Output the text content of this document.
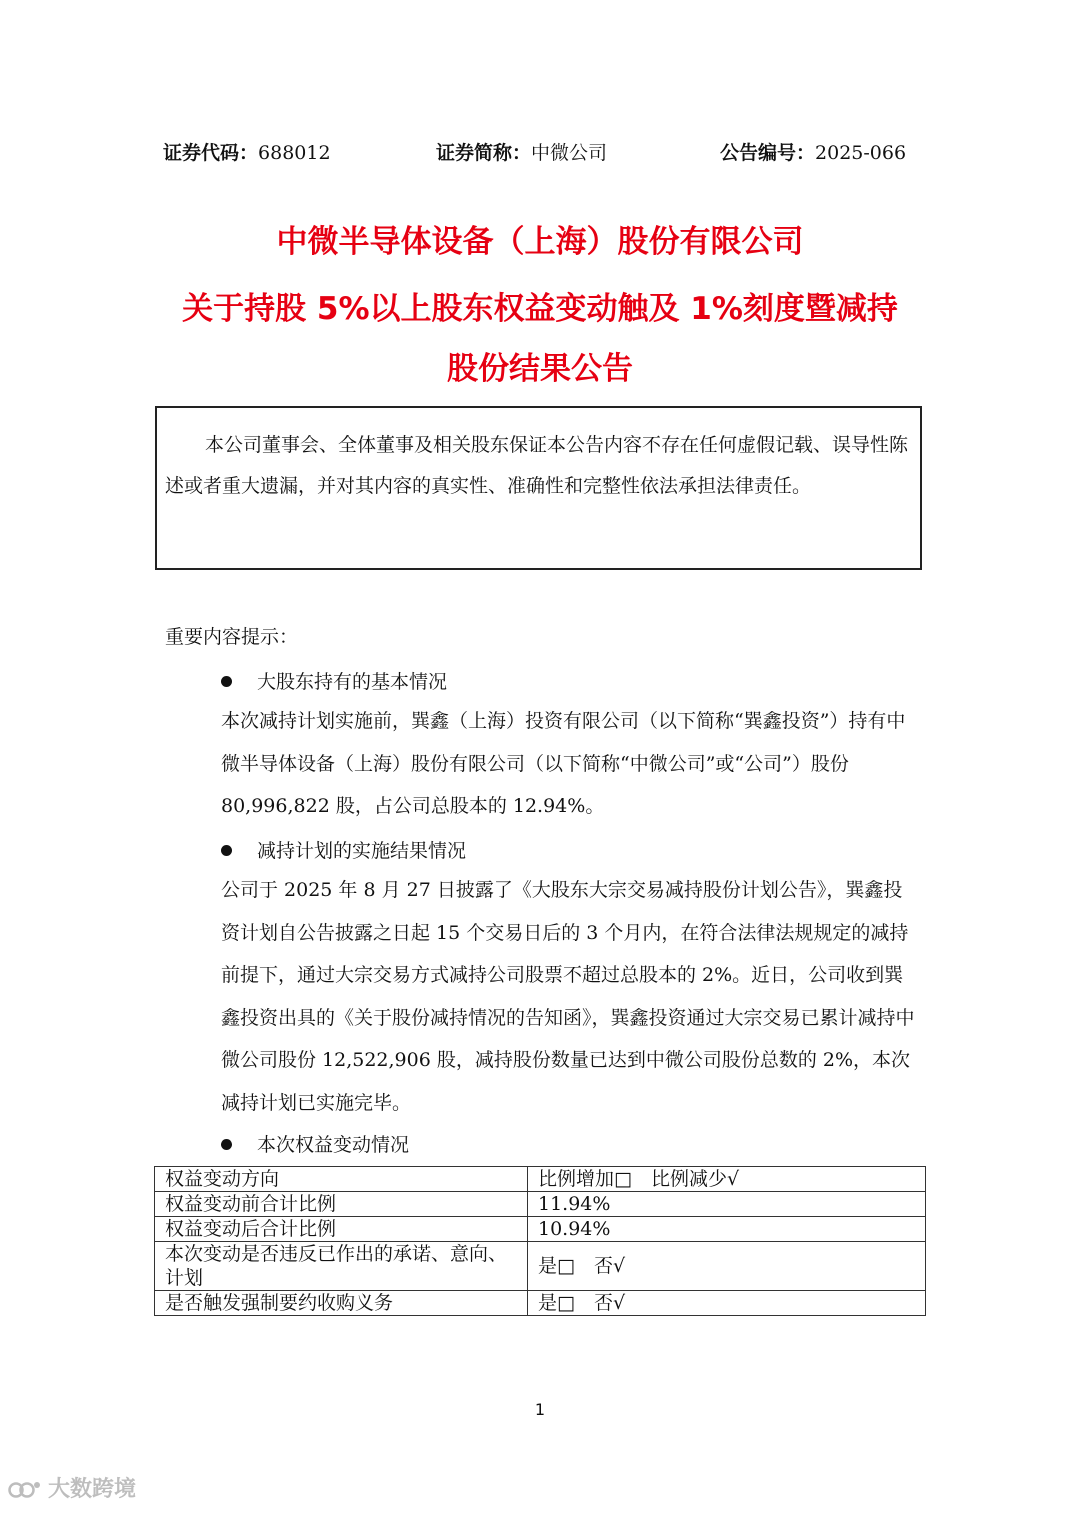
证券代码：688012	证券简称：中微公司	公告编号：2025-066
中微半导体设备（上海）股份有限公司
关于持股 5%以上股东权益变动触及 1%刻度暨减持
股份结果公告
本公司董事会、全体董事及相关股东保证本公告内容不存在任何虚假记载、误导性陈述或者重大遗漏，并对其内容的真实性、准确性和完整性依法承担法律责任。
重要内容提示：
大股东持有的基本情况
本次减持计划实施前，巽鑫（上海）投资有限公司（以下简称“巽鑫投资”）持有中微半导体设备（上海）股份有限公司（以下简称“中微公司”或“公司”）股份 80,996,822 股，占公司总股本的 12.94%。
减持计划的实施结果情况
公司于 2025 年 8 月 27 日披露了《大股东大宗交易减持股份计划公告》，巽鑫投资计划自公告披露之日起 15 个交易日后的 3 个月内，在符合法律法规规定的减持前提下，通过大宗交易方式减持公司股票不超过总股本的 2%。近日，公司收到巽鑫投资出具的《关于股份减持情况的告知函》，巽鑫投资通过大宗交易已累计减持中微公司股份 12,522,906 股，减持股份数量已达到中微公司股份总数的 2%，本次减持计划已实施完毕。
本次权益变动情况
权益变动方向	比例增加□　比例减少√
权益变动前合计比例	11.94%
权益变动后合计比例	10.94%
本次变动是否违反已作出的承诺、意向、计划	是□　否√
是否触发强制要约收购义务	是□　否√
1
大数跨境
